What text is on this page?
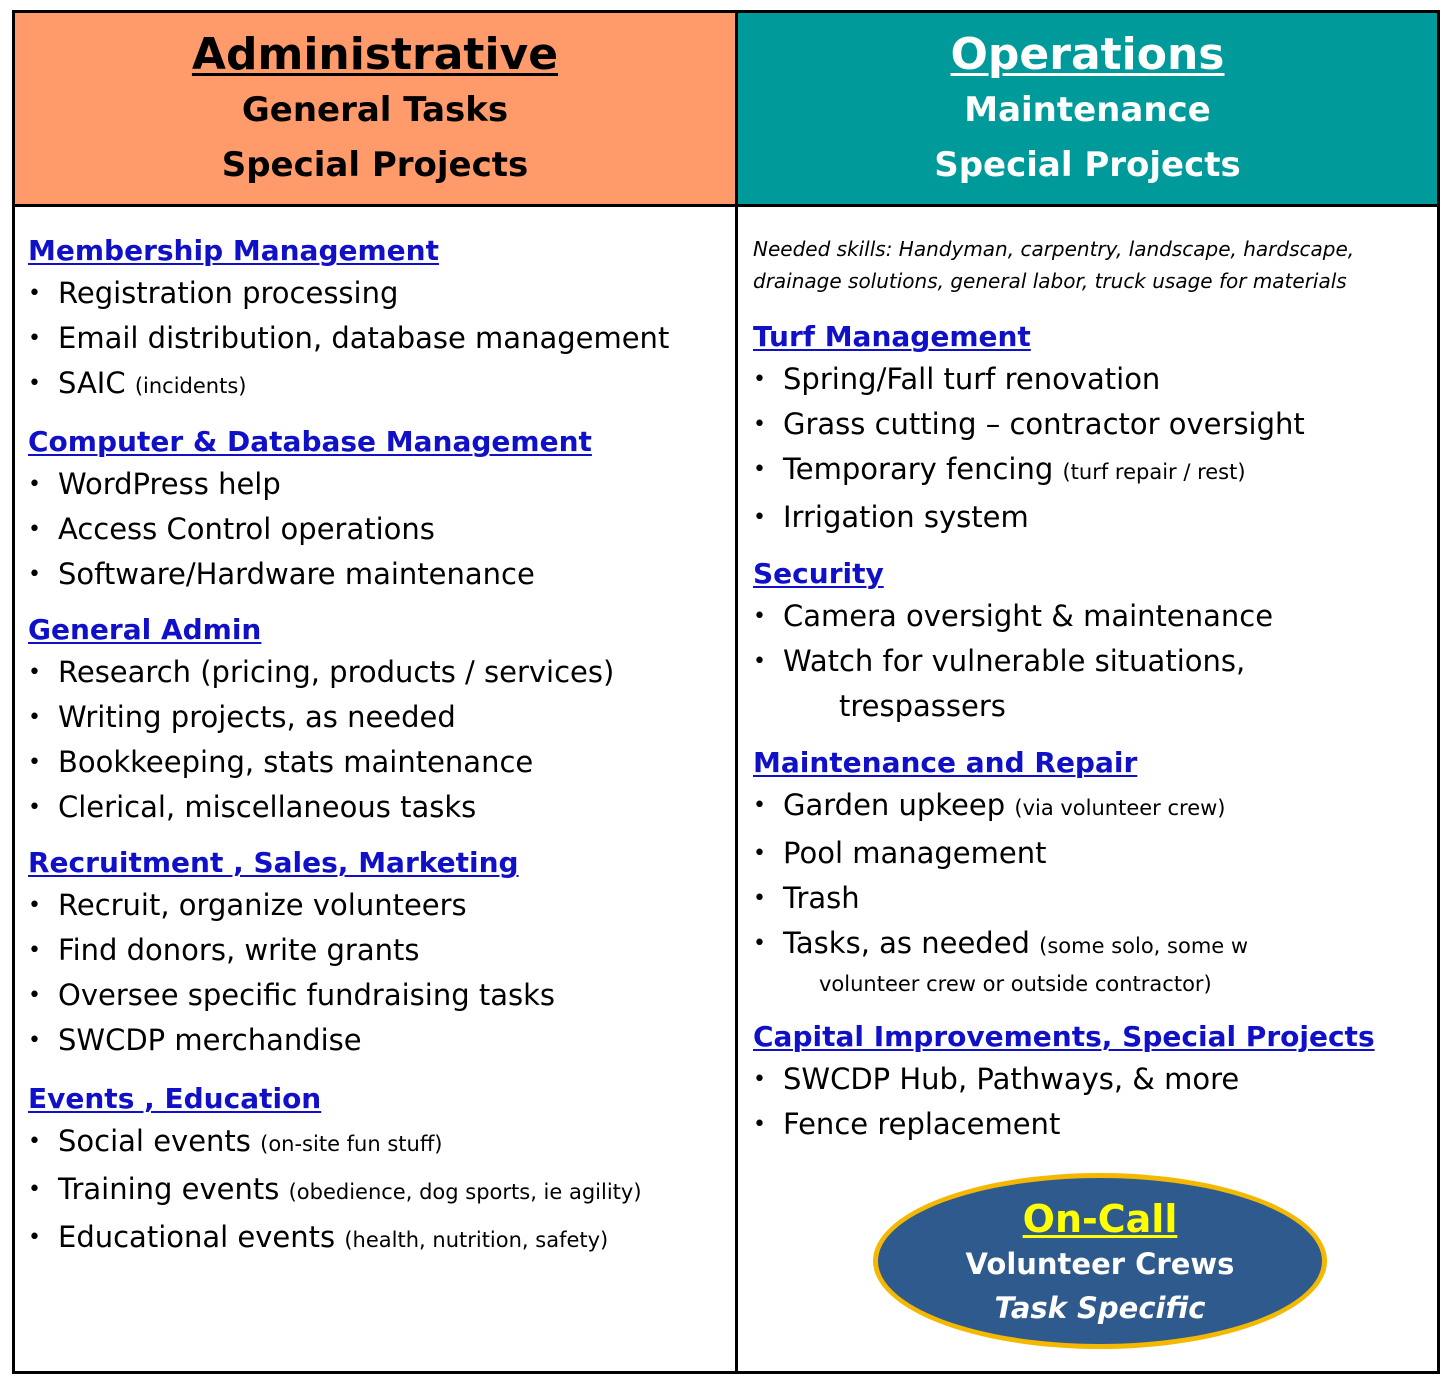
Administrative
General Tasks
Special Projects
Operations
Maintenance
Special Projects
Membership Management
• Registration processing
• Email distribution, database management
• SAIC (incidents)
Computer & Database Management
• WordPress help
• Access Control operations
• Software/Hardware maintenance
General Admin
• Research (pricing, products / services)
• Writing projects, as needed
• Bookkeeping, stats maintenance
• Clerical, miscellaneous tasks
Recruitment , Sales, Marketing
• Recruit, organize volunteers
• Find donors, write grants
• Oversee specific fundraising tasks
• SWCDP merchandise
Events , Education
• Social events (on-site fun stuff)
• Training events (obedience, dog sports, ie agility)
• Educational events (health, nutrition, safety)
Needed skills: Handyman, carpentry, landscape, hardscape,
drainage solutions, general labor, truck usage for materials
Turf Management
• Spring/Fall turf renovation
• Grass cutting – contractor oversight
• Temporary fencing (turf repair / rest)
• Irrigation system
Security
• Camera oversight & maintenance
• Watch for vulnerable situations,
trespassers
Maintenance and Repair
• Garden upkeep (via volunteer crew)
• Pool management
• Trash
• Tasks, as needed (some solo, some w
volunteer crew or outside contractor)
Capital Improvements, Special Projects
• SWCDP Hub, Pathways, & more
• Fence replacement
On-Call
Volunteer Crews
Task Specific
